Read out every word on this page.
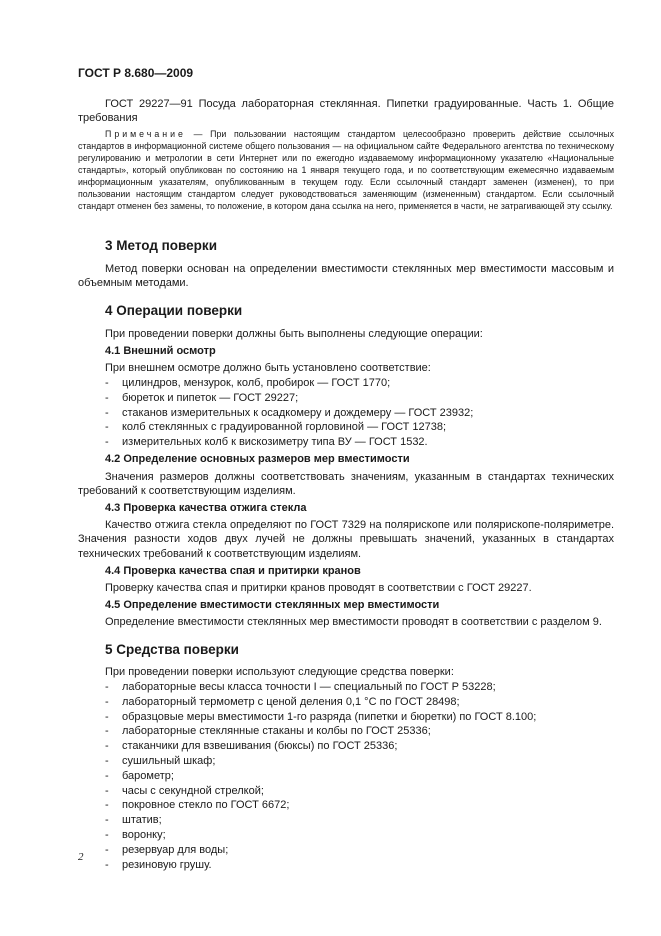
ГОСТ Р 8.680—2009

ГОСТ 29227—91 Посуда лабораторная стеклянная. Пипетки градуированные. Часть 1. Общие требования

Примечание — При пользовании настоящим стандартом целесообразно проверить действие ссылочных стандартов в информационной системе общего пользования — на официальном сайте Федерального агентства по техническому регулированию и метрологии в сети Интернет или по ежегодно издаваемому информационному указателю «Национальные стандарты», который опубликован по состоянию на 1 января текущего года, и по соответствующим ежемесячно издаваемым информационным указателям, опубликованным в текущем году. Если ссылочный стандарт заменен (изменен), то при пользовании настоящим стандартом следует руководствоваться заменяющим (измененным) стандартом. Если ссылочный стандарт отменен без замены, то положение, в котором дана ссылка на него, применяется в части, не затрагивающей эту ссылку.

3 Метод поверки

Метод поверки основан на определении вместимости стеклянных мер вместимости массовым и объемным методами.

4 Операции поверки
При проведении поверки должны быть выполнены следующие операции:
4.1 Внешний осмотр
При внешнем осмотре должно быть установлено соответствие:
- цилиндров, мензурок, колб, пробирок — ГОСТ 1770;
- бюреток и пипеток — ГОСТ 29227;
- стаканов измерительных к осадкомеру и дождемеру — ГОСТ 23932;
- колб стеклянных с градуированной горловиной — ГОСТ 12738;
- измерительных колб к вискозиметру типа ВУ — ГОСТ 1532.
4.2 Определение основных размеров мер вместимости

Значения размеров должны соответствовать значениям, указанным в стандартах технических требований к соответствующим изделиям.

4.3 Проверка качества отжига стекла

Качество отжига стекла определяют по ГОСТ 7329 на полярископе или полярископе-поляриметре. Значения разности ходов двух лучей не должны превышать значений, указанных в стандартах технических требований к соответствующим изделиям.

4.4 Проверка качества спая и притирки кранов
Проверку качества спая и притирки кранов проводят в соответствии с ГОСТ 29227.
4.5 Определение вместимости стеклянных мер вместимости
Определение вместимости стеклянных мер вместимости проводят в соответствии с разделом 9.
5 Средства поверки
При проведении поверки используют следующие средства поверки:
- лабораторные весы класса точности I — специальный по ГОСТ Р 53228;
- лабораторный термометр с ценой деления 0,1 °С по ГОСТ 28498;
- образцовые меры вместимости 1-го разряда (пипетки и бюретки) по ГОСТ 8.100;
- лабораторные стеклянные стаканы и колбы по ГОСТ 25336;
- стаканчики для взвешивания (бюксы) по ГОСТ 25336;
- сушильный шкаф;
- барометр;
- часы с секундной стрелкой;
- покровное стекло по ГОСТ 6672;
- штатив;
- воронку;
- резервуар для воды;
- резиновую грушу.
2
